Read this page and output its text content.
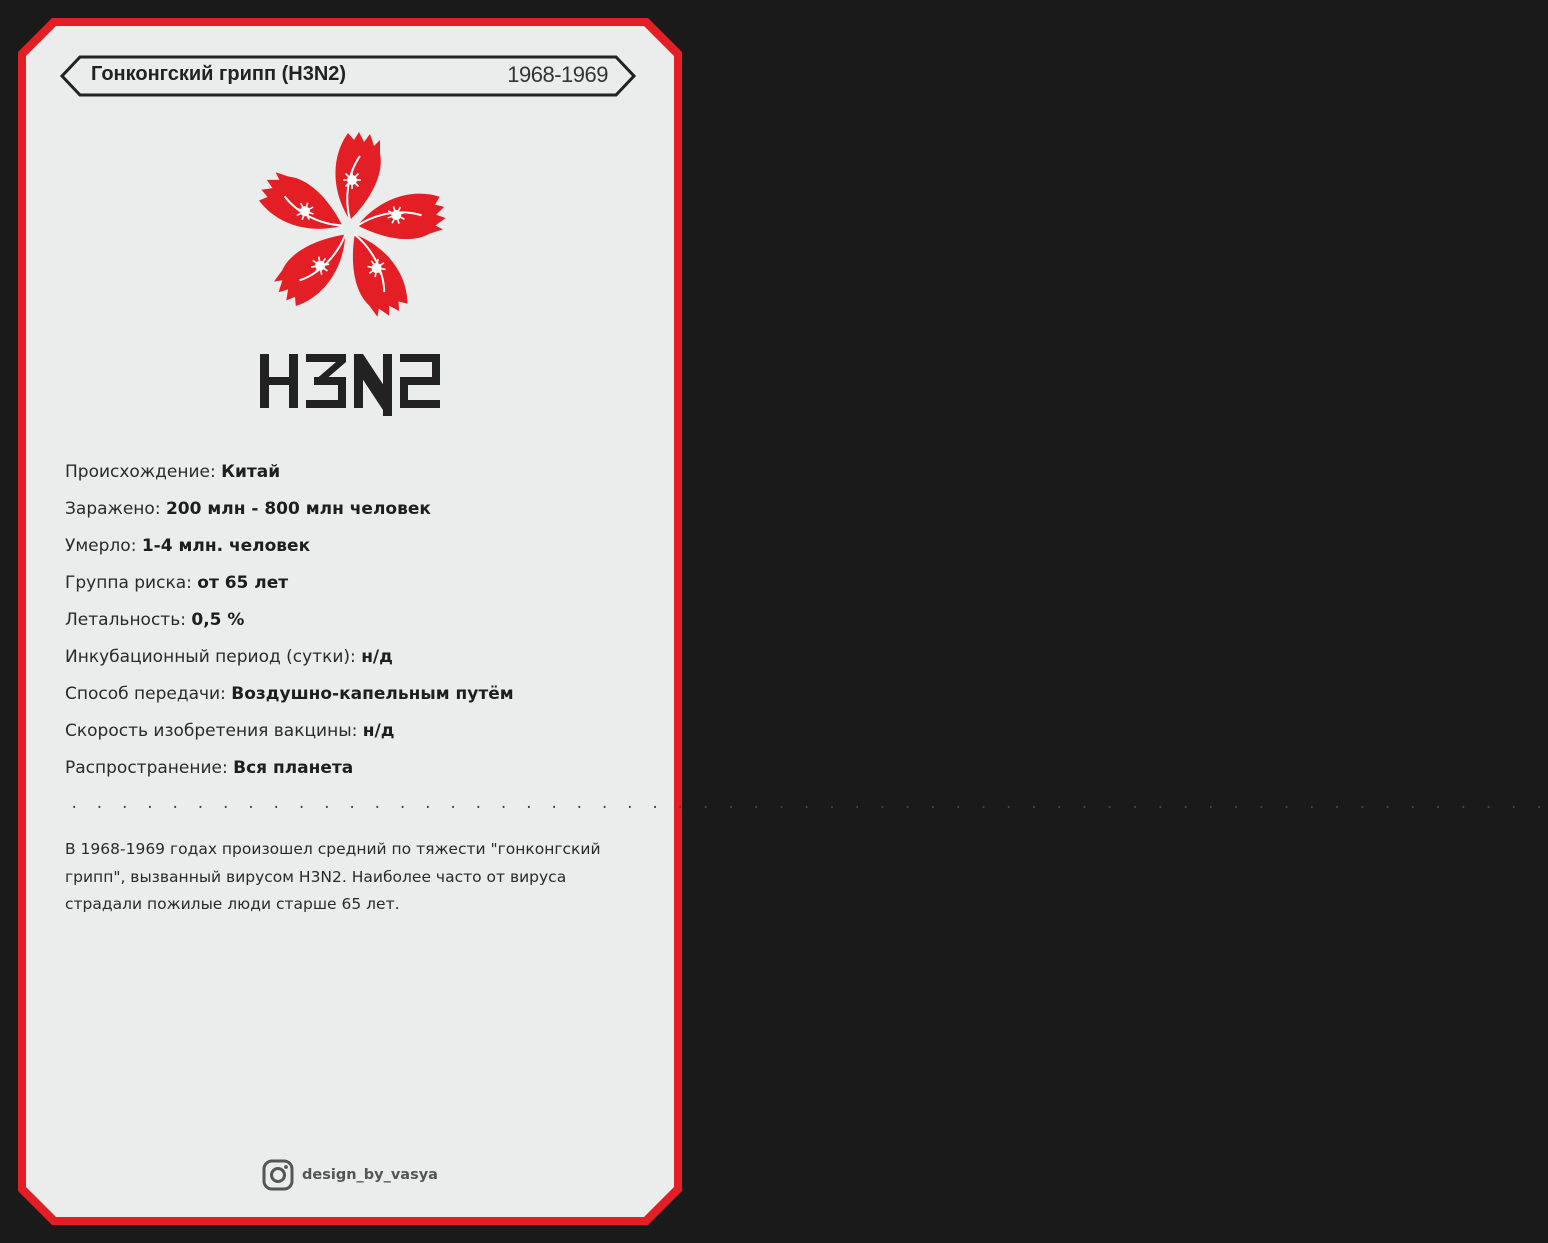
Гонконгский грипп (H3N2)	1968-1969
Происхождение: Китай
Заражено: 200 млн - 800 млн человек
Умерло: 1-4 млн. человек
Группа риска: от 65 лет
Летальность: 0,5 %
Инкубационный период (сутки): н/д
Способ передачи: Воздушно-капельным путём
Скорость изобретения вакцины: н/д
Распространение: Вся планета
. . . . . . . . . . . . . . . . . . . . . . . . . . . . . . . . . . . . . . . . . . . . . . . . . . . . . . . . . . .
В 1968-1969 годах произошел средний по тяжести "гонконгский грипп", вызванный вирусом H3N2. Наиболее часто от вируса страдали пожилые люди старше 65 лет.
design_by_vasya
